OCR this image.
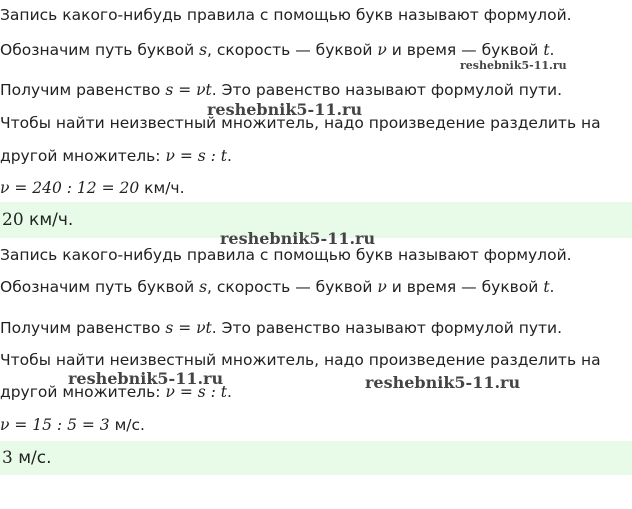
Запись какого-нибудь правила с помощью букв называют формулой.
Обозначим путь буквой s, скорость — буквой ν и время — буквой t.
Получим равенство s = νt. Это равенство называют формулой пути.
Чтобы найти неизвестный множитель, надо произведение разделить на
другой множитель: ν = s : t.
ν = 240 : 12 = 20 км/ч.
20 км/ч.
Запись какого-нибудь правила с помощью букв называют формулой.
Обозначим путь буквой s, скорость — буквой ν и время — буквой t.
Получим равенство s = νt. Это равенство называют формулой пути.
Чтобы найти неизвестный множитель, надо произведение разделить на
другой множитель: ν = s : t.
ν = 15 : 5 = 3 м/с.
3 м/с.
reshebnik5-11.ru
reshebnik5-11.ru
reshebnik5-11.ru
reshebnik5-11.ru	reshebnik5-11.ru
